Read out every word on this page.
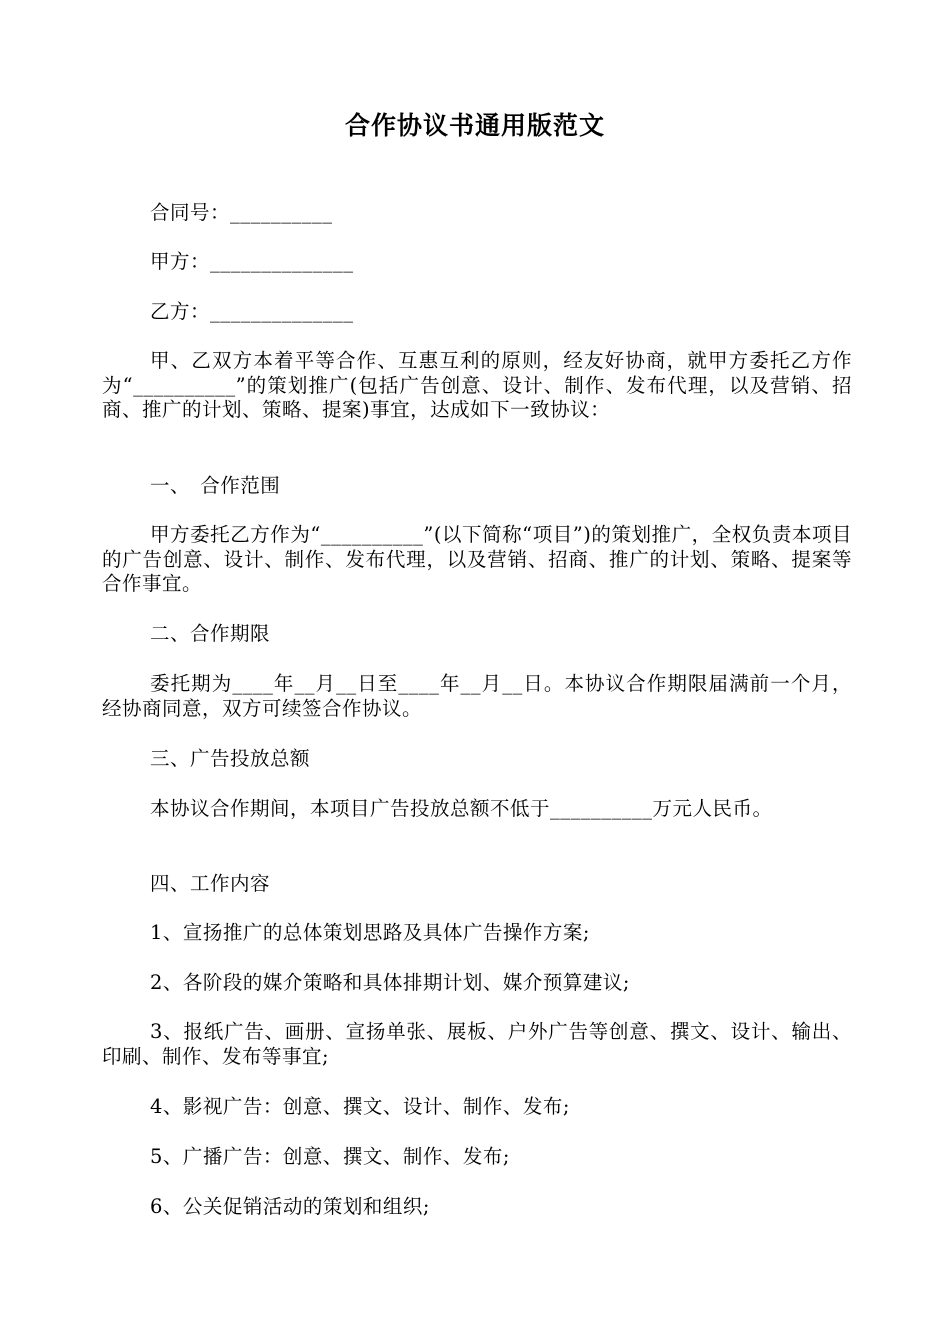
合作协议书通用版范文
合同号：__________
甲方：______________
乙方：______________
甲、乙双方本着平等合作、互惠互利的原则，经友好协商，就甲方委托乙方作为“__________”的策划推广(包括广告创意、设计、制作、发布代理，以及营销、招商、推广的计划、策略、提案)事宜，达成如下一致协议：
一、　合作范围
甲方委托乙方作为“__________”(以下简称“项目”)的策划推广，全权负责本项目的广告创意、设计、制作、发布代理，以及营销、招商、推广的计划、策略、提案等合作事宜。
二、合作期限
委托期为____年__月__日至____年__月__日。本协议合作期限届满前一个月，经协商同意，双方可续签合作协议。
三、广告投放总额
本协议合作期间，本项目广告投放总额不低于__________万元人民币。
四、工作内容
1、宣扬推广的总体策划思路及具体广告操作方案;
2、各阶段的媒介策略和具体排期计划、媒介预算建议;
3、报纸广告、画册、宣扬单张、展板、户外广告等创意、撰文、设计、输出、印刷、制作、发布等事宜;
4、影视广告：创意、撰文、设计、制作、发布;
5、广播广告：创意、撰文、制作、发布;
6、公关促销活动的策划和组织;
